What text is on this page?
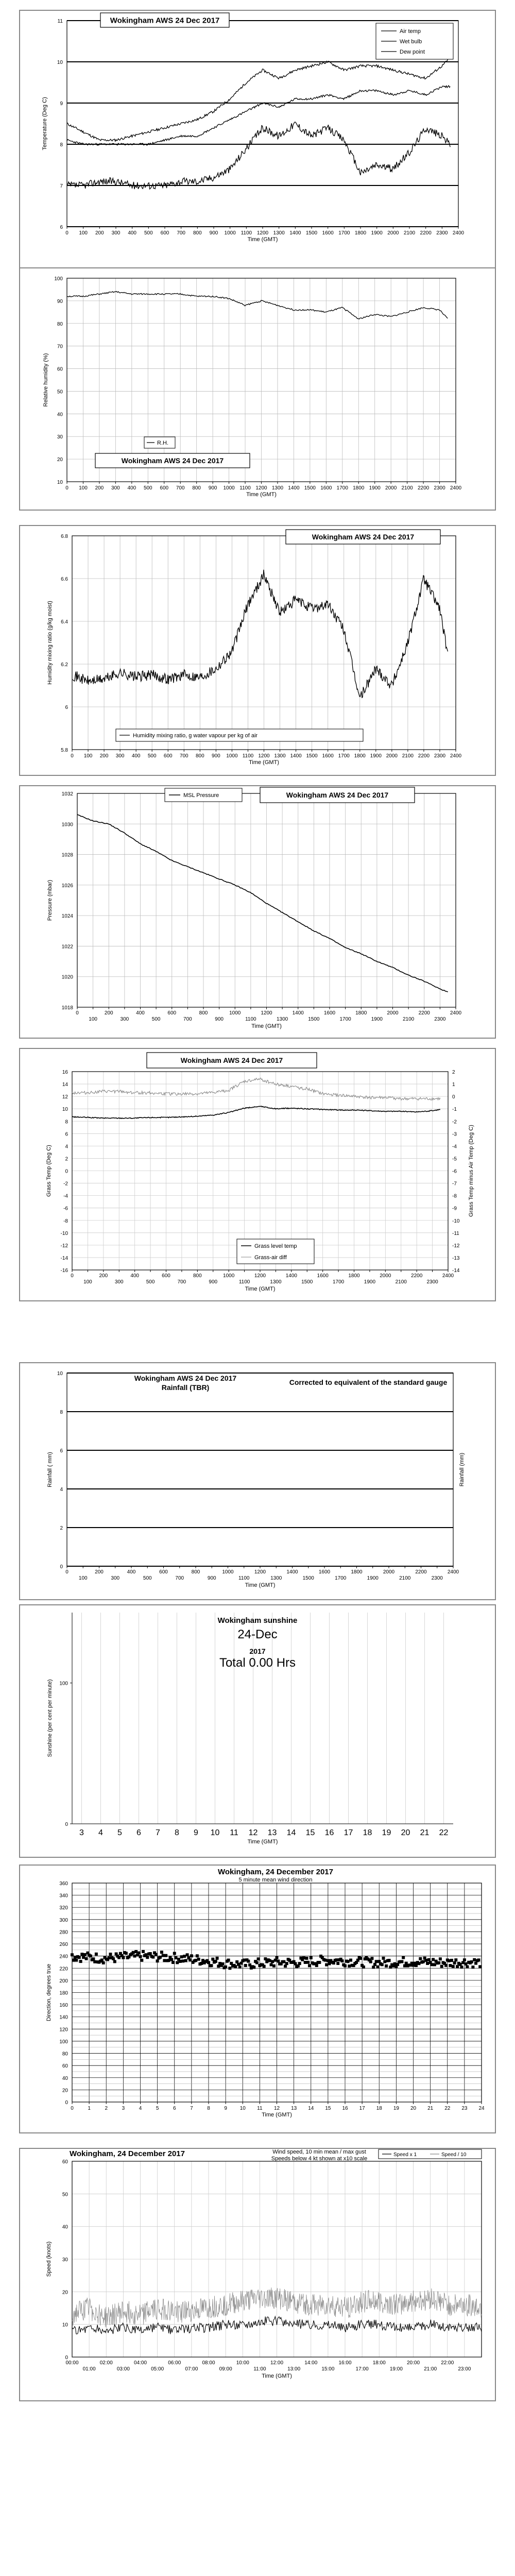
6
7
8
9
10
11
0 100 200 300 400 500 600 700 800 900 1000 1100 1200 1300 1400 1500 1600 1700 1800 1900 2000 2100 2200 2300 2400
Time (GMT)
Temperature (Deg C)
Wokingham AWS 24 Dec 2017
Air temp
Wet bulb
Dew point
10
20
30
40
50
60
70
80
90
100
0 100 200 300 400 500 600 700 800 900 1000 1100 1200 1300 1400 1500 1600 1700 1800 1900 2000 2100 2200 2300 2400
Time (GMT)
Relative humidity (%)
R.H.
Wokingham AWS 24 Dec 2017
5.8
6
6.2
6.4
6.6
6.8
0 100 200 300 400 500 600 700 800 900 1000 1100 1200 1300 1400 1500 1600 1700 1800 1900 2000 2100 2200 2300 2400
Time (GMT)
Humidity mixing ratio (g/kg moist)
Wokingham AWS 24 Dec 2017
Humidity mixing ratio, g water vapour per kg of air
1018
1020
1022
1024
1026
1028
1030
1032
0
100
200
300
400
500
600
700
800
900
1000
1100
1200
1300
1400
1500
1600
1700
1800
1900
2000
2100
2200
2300
2400
Time (GMT)
Pressure (mbar)
MSL Pressure	Wokingham AWS 24 Dec 2017
-16
-14
-12
-10
-8
-6
-4
-2
0
2
4
6
8
10
12
14
16
-14
-13
-12
-11
-10
-9
-8
-7
-6
-5
-4
-3
-2
-1
0
1
2
0
100
200
300
400
500
600
700
800
900
1000
1100
1200
1300
1400
1500
1600
1700
1800
1900
2000
2100
2200
2300
2400
Time (GMT)
Grass Temp (Deg C)	Grass Temp minus Air Temp (Deg C)
Wokingham AWS 24 Dec 2017
Grass level temp
Grass-air diff
0
2
4
6
8
10
0
100
200
300
400
500
600
700
800
900
1000
1100
1200
1300
1400
1500
1600
1700
1800
1900
2000
2100
2200
2300
2400
Time (GMT)
Rainfall ( mm)	Rainfall (mm)
Wokingham AWS 24 Dec 2017
Rainfall (TBR)
Corrected to equivalent of the standard gauge
0
100
3 4 5 6 7 8 9 10 11 12 13 14 15 16 17 18 19 20 21 22
Time (GMT)
Sunshine (per cent per minute)
Wokingham sunshine
24-Dec
2017
Total 0.00 Hrs
0
20
40
60
80
100
120
140
160
180
200
220
240
260
280
300
320
340
360
0	1	2	3	4	5	6	7	8	9 10 11 12 13 14 15 16 17 18 19 20 21 22 23 24
Time (GMT)
Direction, degrees true
Wokingham, 24 December 2017
5 minute mean wind direction
0
10
20
30
40
50
60
00:00	02:00	04:00	06:00	08:00	10:00	12:00	14:00	16:00	18:00	20:00	22:00
01:00	03:00	05:00	07:00	09:00	11:00	13:00	15:00	17:00	19:00	21:00	23:00
Time (GMT)
Speed (knots)
Wokingham, 24 December 2017	Wind speed, 10 min mean / max gust
Speeds below 4 kt shown at x10 scale
Speed x 1	Speed / 10
